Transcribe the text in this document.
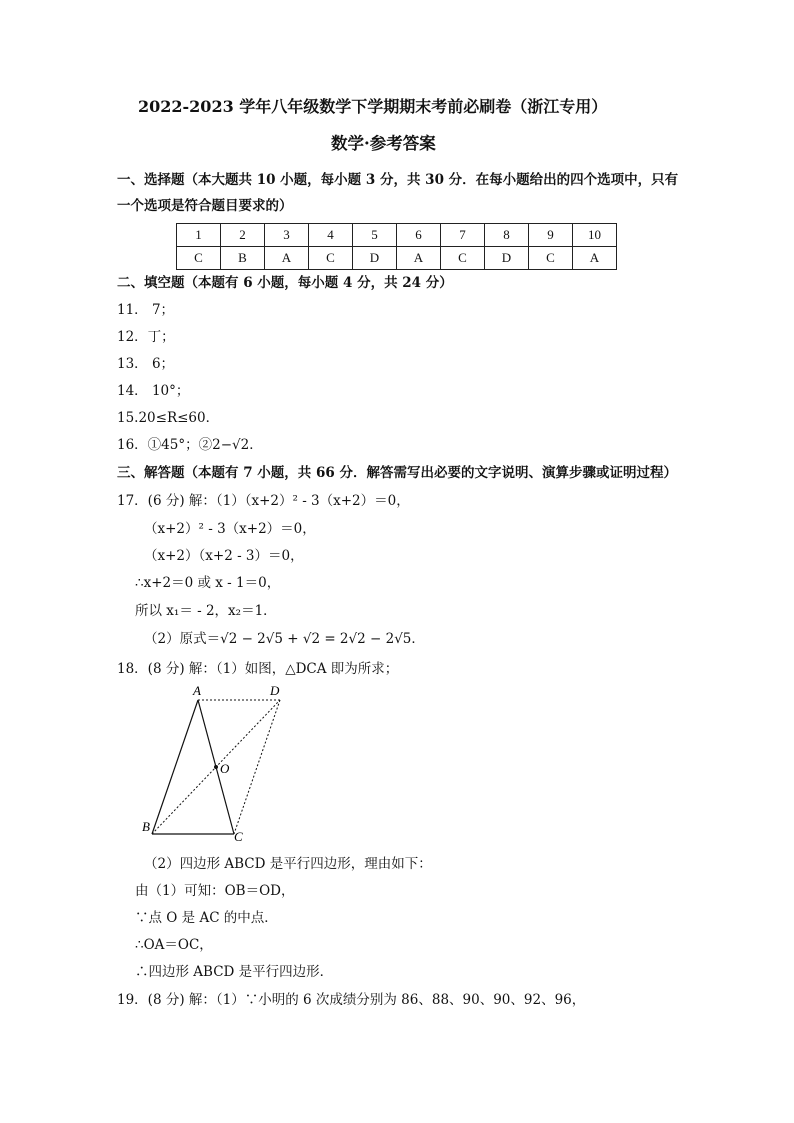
2022-2023 学年八年级数学下学期期末考前必刷卷（浙江专用）
数学·参考答案
一、选择题（本大题共 10 小题，每小题 3 分，共 30 分．在每小题给出的四个选项中，只有
一个选项是符合题目要求的）
1	2	3	4	5	6	7	8	9	10
C	B	A	C	D	A	C	D	C	A
二、填空题（本题有 6 小题，每小题 4 分，共 24 分）
11． 7；
12．丁；
13． 6；
14． 10°；
15.20≤R≤60．
16．①45°；②2−√2．
三、解答题（本题有 7 小题，共 66 分．解答需写出必要的文字说明、演算步骤或证明过程）
17．(6 分) 解：（1）（x+2）² - 3（x+2）＝0，
（x+2）² - 3（x+2）＝0，
（x+2）（x+2 - 3）＝0，
∴x+2＝0 或 x - 1＝0，
所以 x₁＝ - 2，x₂＝1．
（2）原式＝√2 − 2√5 + √2 = 2√2 − 2√5．
18．(8 分) 解：（1）如图，△DCA 即为所求；
A
B
C
D
O
（2）四边形 ABCD 是平行四边形，理由如下：
由（1）可知：OB＝OD，
∵点 O 是 AC 的中点．
∴OA＝OC，
∴四边形 ABCD 是平行四边形．
19．(8 分) 解：（1）∵小明的 6 次成绩分别为 86、88、90、90、92、96，
